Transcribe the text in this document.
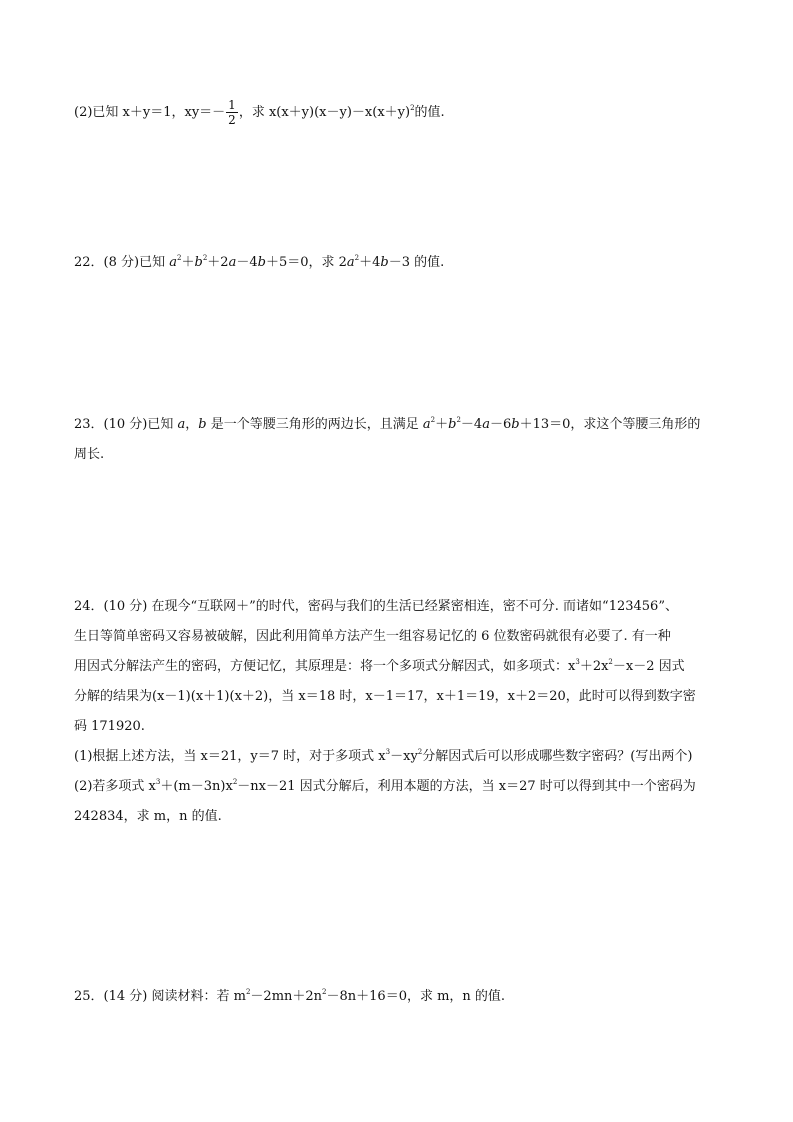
(2)已知 x＋y＝1，$xy=- \frac{1}{2}$ ，求 $x(x+y)(x-y)-x(x+y)^2$的值.
22．(8 分)已知 $a^2+b^2+2a-4b+5=0$，求 $2a^2+4b-3$ 的值.
23．(10 分)已知 a，b 是一个等腰三角形的两边长，且满足 $a^2+b^2-4a-6b+13=0$，求这个等腰三角形的
周长.
24．(10 分) 在现今“互联网＋”的时代，密码与我们的生活已经紧密相连，密不可分. 而诸如“123456”、
生日等简单密码又容易被破解，因此利用简单方法产生一组容易记忆的 6 位数密码就很有必要了. 有一种
用因式分解法产生的密码，方便记忆，其原理是：将一个多项式分解因式，如多项式：$x^3+2x^2-x-2$ 因式
分解的结果为(x－1)(x＋1)(x＋2)，当 x＝18 时，x－1＝17，x＋1＝19，x＋2＝20，此时可以得到数字密
码 171920.
(1)根据上述方法，当 x＝21，y＝7 时，对于多项式 $x^3-xy^2$分解因式后可以形成哪些数字密码？(写出两个)
(2)若多项式 $x^3+(m-3n)x^2-nx-21$ 因式分解后，利用本题的方法，当 x＝27 时可以得到其中一个密码为
242834，求 m，n 的值.
25．(14 分) 阅读材料：若 $m^2-2mn+2n^2-8n+16=0$，求 m，n 的值.
